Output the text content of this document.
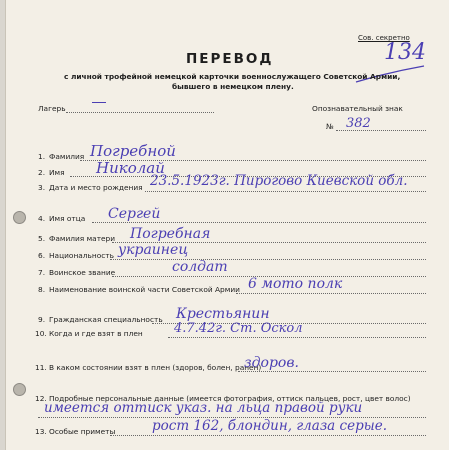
Сов. секретно
134
ПЕРЕВОД
с личной трофейной немецкой карточки военнослужащего Советской Армии,
бывшего в немецком плену.
Лагерь	Опознавательный знак
№ 382
1. Фамилия Погребной
2. Имя Николай
3. Дата и место рождения 23.5.1923г. Пирогово Киевской обл.
4. Имя отца Сергей
5. Фамилия матери Погребная
6. Национальность украинец
7. Воинское звание	солдат
8. Наименование воинской части Советской Армии 6 мото полк
9. Гражданская специальность Крестьянин
10. Когда и где взят в плен 4.7.42г. Ст. Оскол
11. В каком состоянии взят в плен (здоров, болен, ранен)
здоров.
12. Подробные персональные данные (имеется фотография, оттиск пальцев, рост, цвет волос)
имеется оттиск указ. на льца правой руки
13. Особые приметы	рост 162, блондин, глаза серые.
